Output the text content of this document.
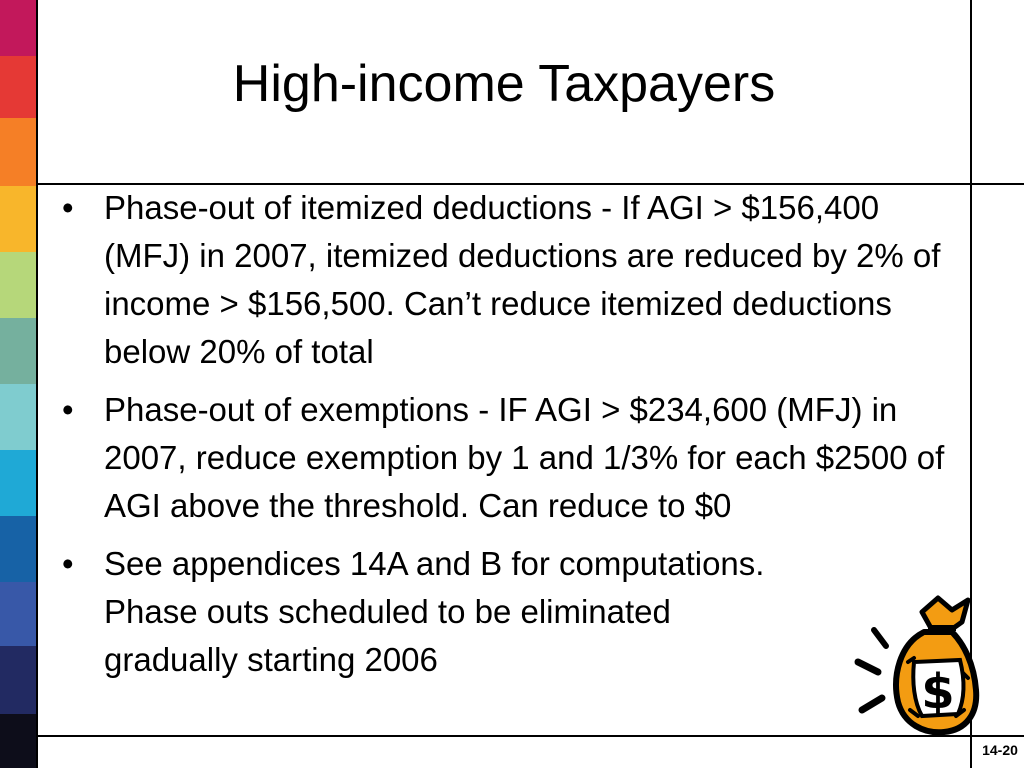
High-income Taxpayers
• Phase-out of itemized deductions - If AGI > $156,400 (MFJ) in 2007, itemized deductions are reduced by 2% of income > $156,500. Can’t reduce itemized deductions below 20% of total
• Phase-out of exemptions - IF AGI > $234,600 (MFJ) in 2007, reduce exemption by 1 and 1/3% for each $2500 of AGI above the threshold. Can reduce to $0
• See appendices 14A and B for computations. Phase outs scheduled to be eliminated gradually starting 2006
$
14-20
